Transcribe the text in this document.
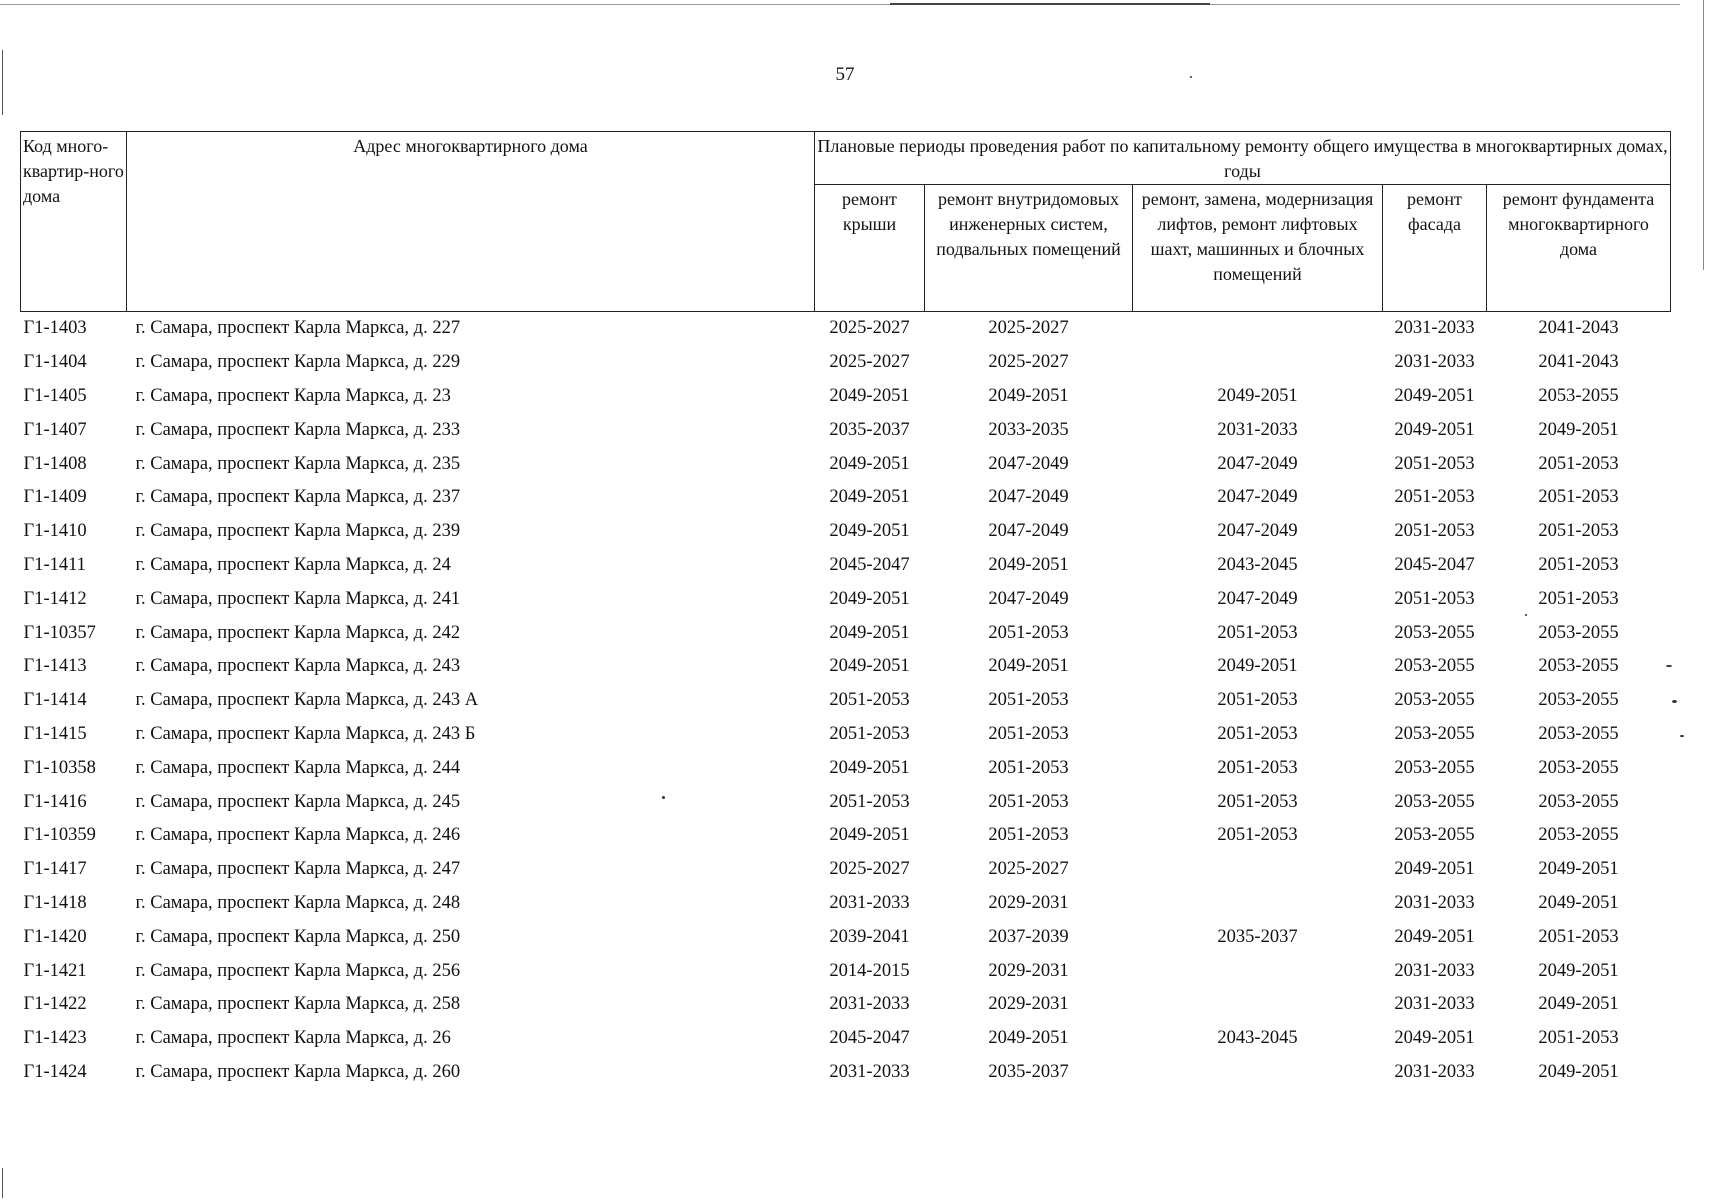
57
Код много-квартир-ного дома	Адрес многоквартирного дома	Плановые периоды проведения работ по капитальному ремонту общего имущества в многоквартирных домах, годы				
		ремонт крыши	ремонт внутридомовых инженерных систем, подвальных помещений	ремонт, замена, модернизация лифтов, ремонт лифтовых шахт, машинных и блочных помещений	ремонт фасада	ремонт фундамента многоквартирного дома
Г1-1403	г. Самара, проспект Карла Маркса, д. 227	2025-2027	2025-2027		2031-2033	2041-2043
Г1-1404	г. Самара, проспект Карла Маркса, д. 229	2025-2027	2025-2027		2031-2033	2041-2043
Г1-1405	г. Самара, проспект Карла Маркса, д. 23	2049-2051	2049-2051	2049-2051	2049-2051	2053-2055
Г1-1407	г. Самара, проспект Карла Маркса, д. 233	2035-2037	2033-2035	2031-2033	2049-2051	2049-2051
Г1-1408	г. Самара, проспект Карла Маркса, д. 235	2049-2051	2047-2049	2047-2049	2051-2053	2051-2053
Г1-1409	г. Самара, проспект Карла Маркса, д. 237	2049-2051	2047-2049	2047-2049	2051-2053	2051-2053
Г1-1410	г. Самара, проспект Карла Маркса, д. 239	2049-2051	2047-2049	2047-2049	2051-2053	2051-2053
Г1-1411	г. Самара, проспект Карла Маркса, д. 24	2045-2047	2049-2051	2043-2045	2045-2047	2051-2053
Г1-1412	г. Самара, проспект Карла Маркса, д. 241	2049-2051	2047-2049	2047-2049	2051-2053	2051-2053
Г1-10357	г. Самара, проспект Карла Маркса, д. 242	2049-2051	2051-2053	2051-2053	2053-2055	2053-2055
Г1-1413	г. Самара, проспект Карла Маркса, д. 243	2049-2051	2049-2051	2049-2051	2053-2055	2053-2055
Г1-1414	г. Самара, проспект Карла Маркса, д. 243 А	2051-2053	2051-2053	2051-2053	2053-2055	2053-2055
Г1-1415	г. Самара, проспект Карла Маркса, д. 243 Б	2051-2053	2051-2053	2051-2053	2053-2055	2053-2055
Г1-10358	г. Самара, проспект Карла Маркса, д. 244	2049-2051	2051-2053	2051-2053	2053-2055	2053-2055
Г1-1416	г. Самара, проспект Карла Маркса, д. 245	2051-2053	2051-2053	2051-2053	2053-2055	2053-2055
Г1-10359	г. Самара, проспект Карла Маркса, д. 246	2049-2051	2051-2053	2051-2053	2053-2055	2053-2055
Г1-1417	г. Самара, проспект Карла Маркса, д. 247	2025-2027	2025-2027		2049-2051	2049-2051
Г1-1418	г. Самара, проспект Карла Маркса, д. 248	2031-2033	2029-2031		2031-2033	2049-2051
Г1-1420	г. Самара, проспект Карла Маркса, д. 250	2039-2041	2037-2039	2035-2037	2049-2051	2051-2053
Г1-1421	г. Самара, проспект Карла Маркса, д. 256	2014-2015	2029-2031		2031-2033	2049-2051
Г1-1422	г. Самара, проспект Карла Маркса, д. 258	2031-2033	2029-2031		2031-2033	2049-2051
Г1-1423	г. Самара, проспект Карла Маркса, д. 26	2045-2047	2049-2051	2043-2045	2049-2051	2051-2053
Г1-1424	г. Самара, проспект Карла Маркса, д. 260	2031-2033	2035-2037		2031-2033	2049-2051
